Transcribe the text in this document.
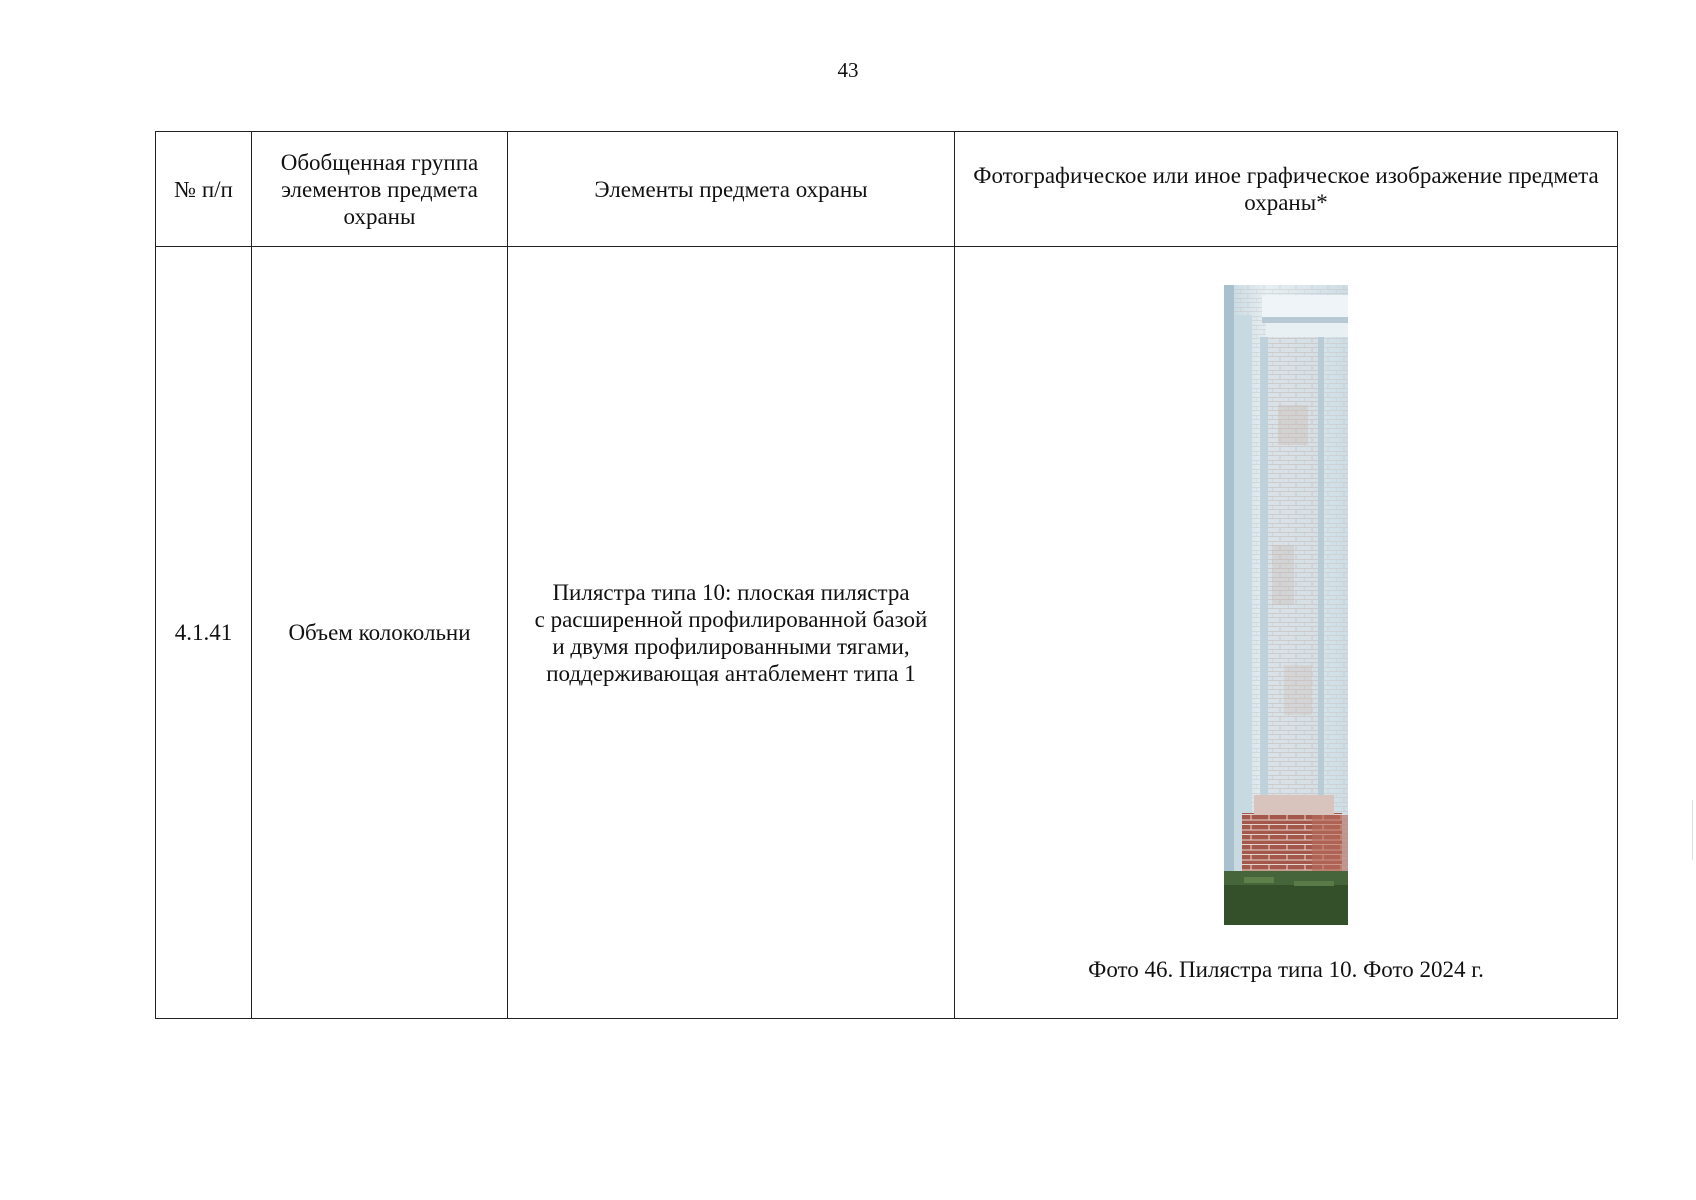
43
№ п/п	Обобщенная группа элементов предмета охраны	Элементы предмета охраны	Фотографическое или иное графическое изображение предмета охраны*
4.1.41	Объем колокольни	Пилястра типа 10: плоская пилястра
с расширенной профилированной базой
и двумя профилированными тягами,
поддерживающая антаблемент типа 1	Фото 46. Пилястра типа 10. Фото 2024 г.
